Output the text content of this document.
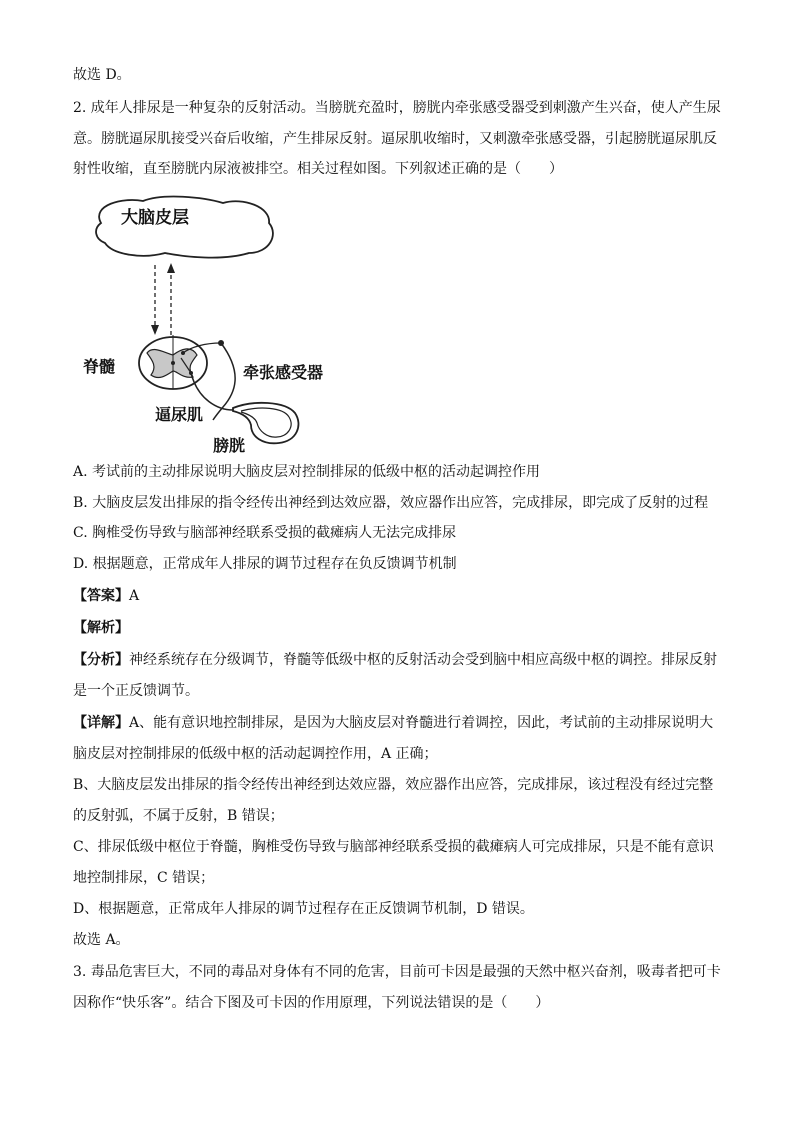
故选 D。
2. 成年人排尿是一种复杂的反射活动。当膀胱充盈时，膀胱内牵张感受器受到刺激产生兴奋，使人产生尿
意。膀胱逼尿肌接受兴奋后收缩，产生排尿反射。逼尿肌收缩时，又刺激牵张感受器，引起膀胱逼尿肌反
射性收缩，直至膀胱内尿液被排空。相关过程如图。下列叙述正确的是（　　）
大脑皮层
脊髓	牵张感受器
逼尿肌
膀胱
A. 考试前的主动排尿说明大脑皮层对控制排尿的低级中枢的活动起调控作用
B. 大脑皮层发出排尿的指令经传出神经到达效应器，效应器作出应答，完成排尿，即完成了反射的过程
C. 胸椎受伤导致与脑部神经联系受损的截瘫病人无法完成排尿
D. 根据题意，正常成年人排尿的调节过程存在负反馈调节机制
【答案】A
【解析】
【分析】神经系统存在分级调节，脊髓等低级中枢的反射活动会受到脑中相应高级中枢的调控。排尿反射
是一个正反馈调节。
【详解】A、能有意识地控制排尿，是因为大脑皮层对脊髓进行着调控，因此，考试前的主动排尿说明大
脑皮层对控制排尿的低级中枢的活动起调控作用，A 正确；
B、大脑皮层发出排尿的指令经传出神经到达效应器，效应器作出应答，完成排尿，该过程没有经过完整
的反射弧，不属于反射，B 错误；
C、排尿低级中枢位于脊髓，胸椎受伤导致与脑部神经联系受损的截瘫病人可完成排尿，只是不能有意识
地控制排尿，C 错误；
D、根据题意，正常成年人排尿的调节过程存在正反馈调节机制，D 错误。
故选 A。
3. 毒品危害巨大，不同的毒品对身体有不同的危害，目前可卡因是最强的天然中枢兴奋剂，吸毒者把可卡
因称作“快乐客”。结合下图及可卡因的作用原理，下列说法错误的是（　　）
